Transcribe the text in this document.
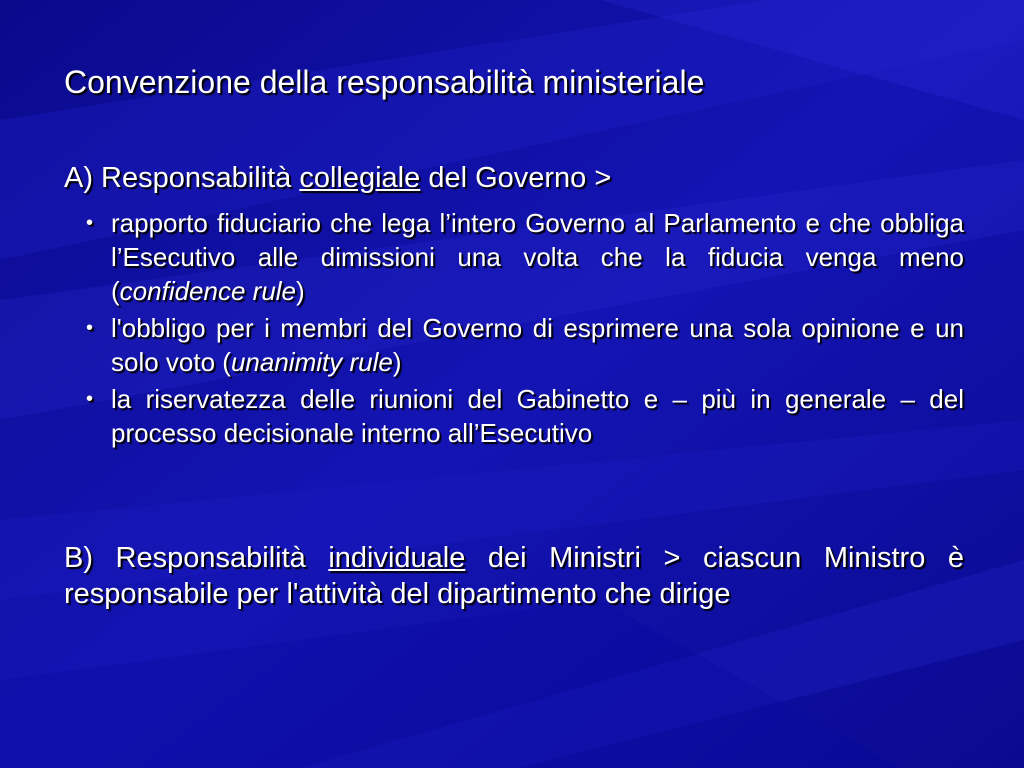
Convenzione della responsabilità ministeriale
A) Responsabilità collegiale del Governo >
• rapporto fiduciario che lega l’intero Governo al Parlamento e che obbliga l’Esecutivo alle dimissioni una volta che la fiducia venga meno (confidence rule)
• l'obbligo per i membri del Governo di esprimere una sola opinione e un solo voto (unanimity rule)
• la riservatezza delle riunioni del Gabinetto e – più in generale – del processo decisionale interno all’Esecutivo
B) Responsabilità individuale dei Ministri > ciascun Ministro è responsabile per l'attività del dipartimento che dirige
